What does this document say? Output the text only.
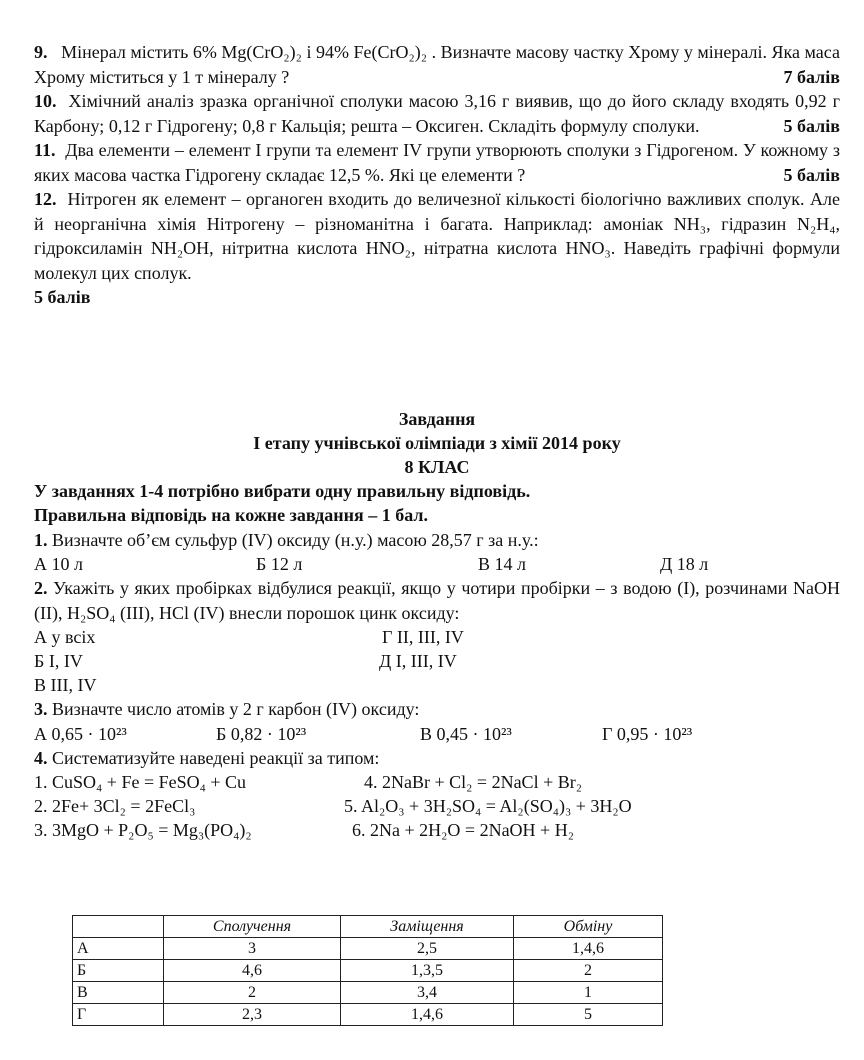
9. Мінерал містить 6% Mg(CrO₂)₂ і 94% Fe(CrO₂)₂ . Визначте масову частку Хрому у мінералі. Яка маса Хрому міститься у 1 т мінералу ?	7 балів

10. Хімічний аналіз зразка органічної сполуки масою 3,16 г виявив, що до його складу входять 0,92 г Карбону; 0,12 г Гідрогену; 0,8 г Кальція; решта – Оксиген. Складіть формулу сполуки.	5 балів

11. Два елементи – елемент І групи та елемент IV групи утворюють сполуки з Гідрогеном. У кожному з яких масова частка Гідрогену складає 12,5 %. Які це елементи ?	5 балів

12. Нітроген як елемент – органоген входить до величезної кількості біологічно важливих сполук. Але й неорганічна хімія Нітрогену – різноманітна і багата. Наприклад: амоніак NH₃, гідразин N₂H₄, гідроксиламін NH₂OH, нітритна кислота HNO₂, нітратна кислота HNO₃. Наведіть графічні формули молекул цих сполук.

5 балів
Завдання
І етапу учнівської олімпіади з хімії 2014 року
8 КЛАС
У завданнях 1-4 потрібно вибрати одну правильну відповідь.
Правильна відповідь на кожне завдання – 1 бал.
1. Визначте об’єм сульфур (IV) оксиду (н.у.) масою 28,57 г за н.у.:
А 10 л	Б 12 л	В 14 л	Д 18 л

2. Укажіть у яких пробірках відбулися реакції, якщо у чотири пробірки – з водою (І), розчинами NaOH (ІІ), H₂SO₄ (ІІІ), HCl (IV) внесли порошок цинк оксиду:

А у всіх	Г ІІ, ІІІ, IV
Б І, IV	Д І, ІІІ, IV
В ІІІ, IV
3. Визначте число атомів у 2 г карбон (IV) оксиду:
А 0,65 · 10²³	Б 0,82 · 10²³	В 0,45 · 10²³	Г 0,95 · 10²³
4. Систематизуйте наведені реакції за типом:
1. CuSO₄ + Fe = FeSO₄ + Cu	4. 2NaBr + Cl₂ = 2NaCl + Br₂
2. 2Fe+ 3Cl₂ = 2FeCl₃	5. Al₂O₃ + 3H₂SO₄ = Al₂(SO₄)₃ + 3H₂O
3. 3MgO + P₂O₅ = Mg₃(PO₄)₂	6. 2Na + 2H₂O = 2NaOH + H₂
	Сполучення	Заміщення	Обміну
А	3	2,5	1,4,6
Б	4,6	1,3,5	2
В	2	3,4	1
Г	2,3	1,4,6	5
